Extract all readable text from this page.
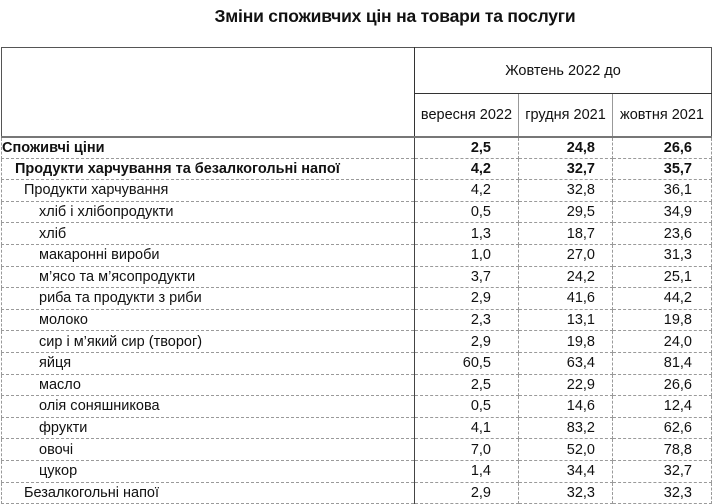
Зміни споживчих цін на товари та послуги
	Жовтень 2022 до		
	вересня 2022	грудня 2021	жовтня 2021
Споживчі ціни	2,5	24,8	26,6
Продукти харчування та безалкогольні напої	4,2	32,7	35,7
Продукти харчування	4,2	32,8	36,1
хліб і хлібопродукти	0,5	29,5	34,9
хліб	1,3	18,7	23,6
макаронні вироби	1,0	27,0	31,3
м’ясо та м’ясопродукти	3,7	24,2	25,1
риба та продукти з риби	2,9	41,6	44,2
молоко	2,3	13,1	19,8
сир і м’який сир (творог)	2,9	19,8	24,0
яйця	60,5	63,4	81,4
масло	2,5	22,9	26,6
олія соняшникова	0,5	14,6	12,4
фрукти	4,1	83,2	62,6
овочі	7,0	52,0	78,8
цукор	1,4	34,4	32,7
Безалкогольні напої	2,9	32,3	32,3
